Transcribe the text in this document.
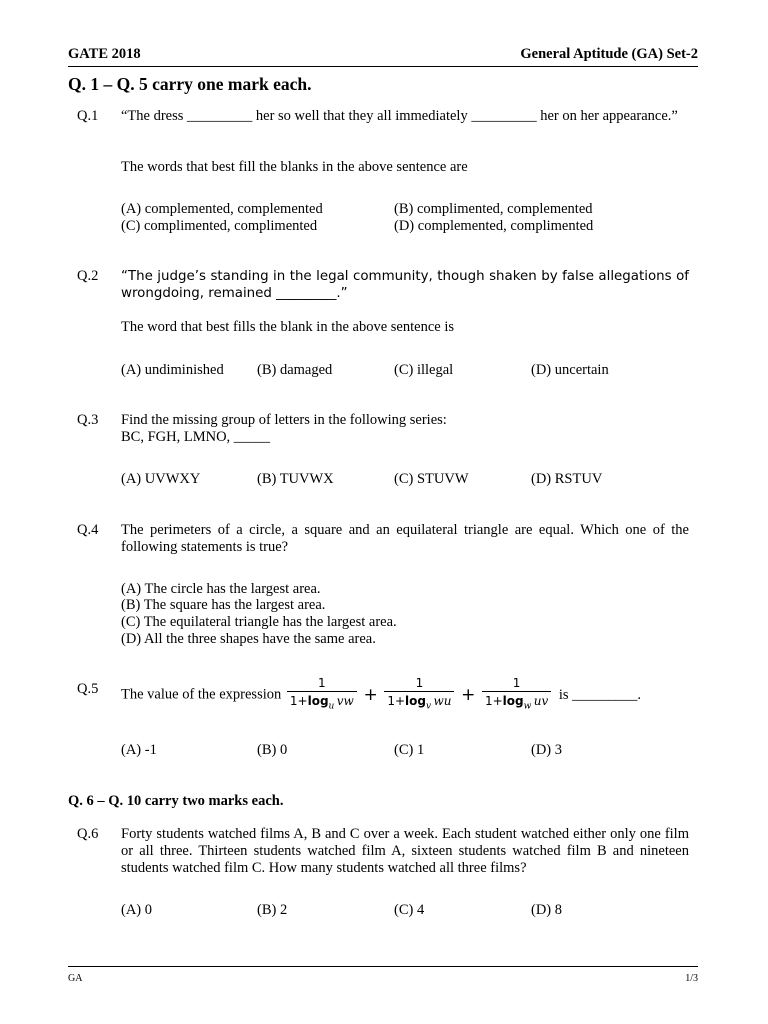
GATE 2018	General Aptitude (GA) Set-2
Q. 1 – Q. 5 carry one mark each.
Q.1 “The dress _________ her so well that they all immediately _________ her on her appearance.”
The words that best fill the blanks in the above sentence are
(A) complemented, complemented	(B) complimented, complemented
(C) complimented, complimented	(D) complemented, complimented
Q.2 “The judge’s standing in the legal community, though shaken by false allegations of wrongdoing, remained _________.”
The word that best fills the blank in the above sentence is
(A) undiminished (B) damaged	(C) illegal	(D) uncertain
Q.3 Find the missing group of letters in the following series:
BC, FGH, LMNO, _____
(A) UVWXY	(B) TUVWX	(C) STUVW	(D) RSTUV
Q.4 The perimeters of a circle, a square and an equilateral triangle are equal. Which one of the following statements is true?
(A) The circle has the largest area.
(B) The square has the largest area.
(C) The equilateral triangle has the largest area.
(D) All the three shapes have the same area.
Q.5 The value of the expression $\frac{1}{1+\log_u vw} + \frac{1}{1+\log_v wu} + \frac{1}{1+\log_w uv}$ is _________.
(A) -1	(B) 0	(C) 1	(D) 3
Q. 6 – Q. 10 carry two marks each.
Q.6 Forty students watched films A, B and C over a week. Each student watched either only one film or all three. Thirteen students watched film A, sixteen students watched film B and nineteen students watched film C. How many students watched all three films?
(A) 0	(B) 2	(C) 4	(D) 8
GA	1/3
